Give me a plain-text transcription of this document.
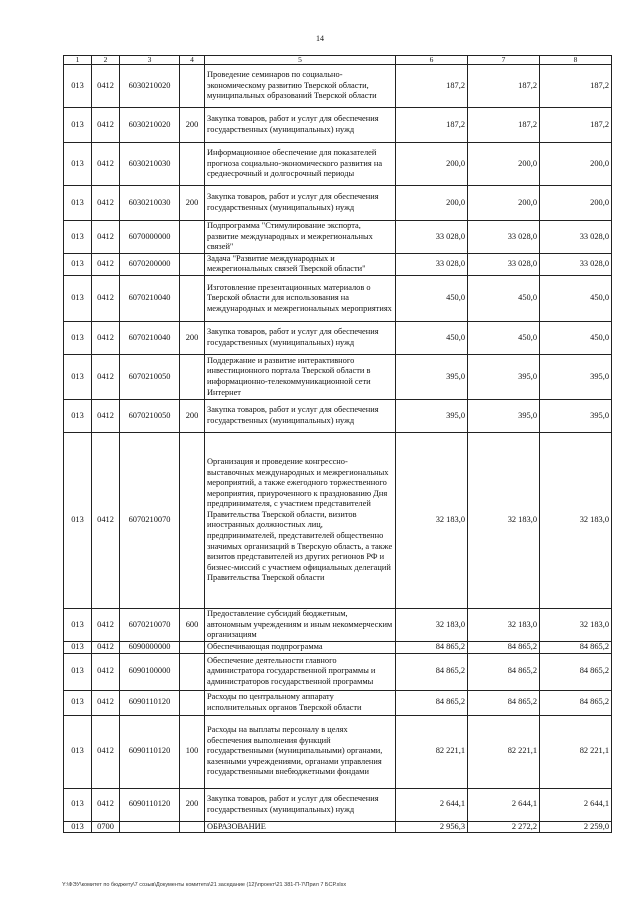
14
1	2	3	4	5	6	7	8
013	0412	6030210020		Проведение семинаров по социально-экономическому развитию Тверской области, муниципальных образований Тверской области	187,2	187,2	187,2
013	0412	6030210020	200	Закупка товаров, работ и услуг для обеспечения государственных (муниципальных) нужд	187,2	187,2	187,2
013	0412	6030210030		Информационное обеспечение для показателей прогноза социально-экономического развития на среднесрочный и долгосрочный периоды	200,0	200,0	200,0
013	0412	6030210030	200	Закупка товаров, работ и услуг для обеспечения государственных (муниципальных) нужд	200,0	200,0	200,0
013	0412	6070000000		Подпрограмма "Стимулирование экспорта, развитие международных и межрегиональных связей"	33 028,0	33 028,0	33 028,0
013	0412	6070200000		Задача "Развитие международных и межрегиональных связей Тверской области"	33 028,0	33 028,0	33 028,0
013	0412	6070210040		Изготовление презентационных материалов о Тверской области для использования на международных и межрегиональных мероприятиях	450,0	450,0	450,0
013	0412	6070210040	200	Закупка товаров, работ и услуг для обеспечения государственных (муниципальных) нужд	450,0	450,0	450,0
013	0412	6070210050		Поддержание и развитие интерактивного инвестиционного портала Тверской области в информационно-телекоммуникационной сети Интернет	395,0	395,0	395,0
013	0412	6070210050	200	Закупка товаров, работ и услуг для обеспечения государственных (муниципальных) нужд	395,0	395,0	395,0
013	0412	6070210070		Организация и проведение конгрессно-выставочных международных и межрегиональных мероприятий, а также ежегодного торжественного мероприятия, приуроченного к празднованию Дня предпринимателя, с участием представителей Правительства Тверской области, визитов иностранных должностных лиц, предпринимателей, представителей общественно значимых организаций в Тверскую область, а также визитов представителей из других регионов РФ и бизнес-миссий с участием официальных делегаций Правительства Тверской области	32 183,0	32 183,0	32 183,0
013	0412	6070210070	600	Предоставление субсидий бюджетным, автономным учреждениям и иным некоммерческим организациям	32 183,0	32 183,0	32 183,0
013	0412	6090000000		Обеспечивающая подпрограмма	84 865,2	84 865,2	84 865,2
013	0412	6090100000		Обеспечение деятельности главного администратора государственной программы и администраторов государственной программы	84 865,2	84 865,2	84 865,2
013	0412	6090110120		Расходы по центральному аппарату исполнительных органов Тверской области	84 865,2	84 865,2	84 865,2
013	0412	6090110120	100	Расходы на выплаты персоналу в целях обеспечения выполнения функций государственными (муниципальными) органами, казенными учреждениями, органами управления государственными внебюджетными фондами	82 221,1	82 221,1	82 221,1
013	0412	6090110120	200	Закупка товаров, работ и услуг для обеспечения государственных (муниципальных) нужд	2 644,1	2 644,1	2 644,1
013	0700			ОБРАЗОВАНИЕ	2 956,3	2 272,2	2 259,0
Y:\ФЭУ\комитет по бюджету\7 созыв\Документы комитета\21 заседание (12)\проект\21 381-П-7\Прил 7 БСР.xlsx
